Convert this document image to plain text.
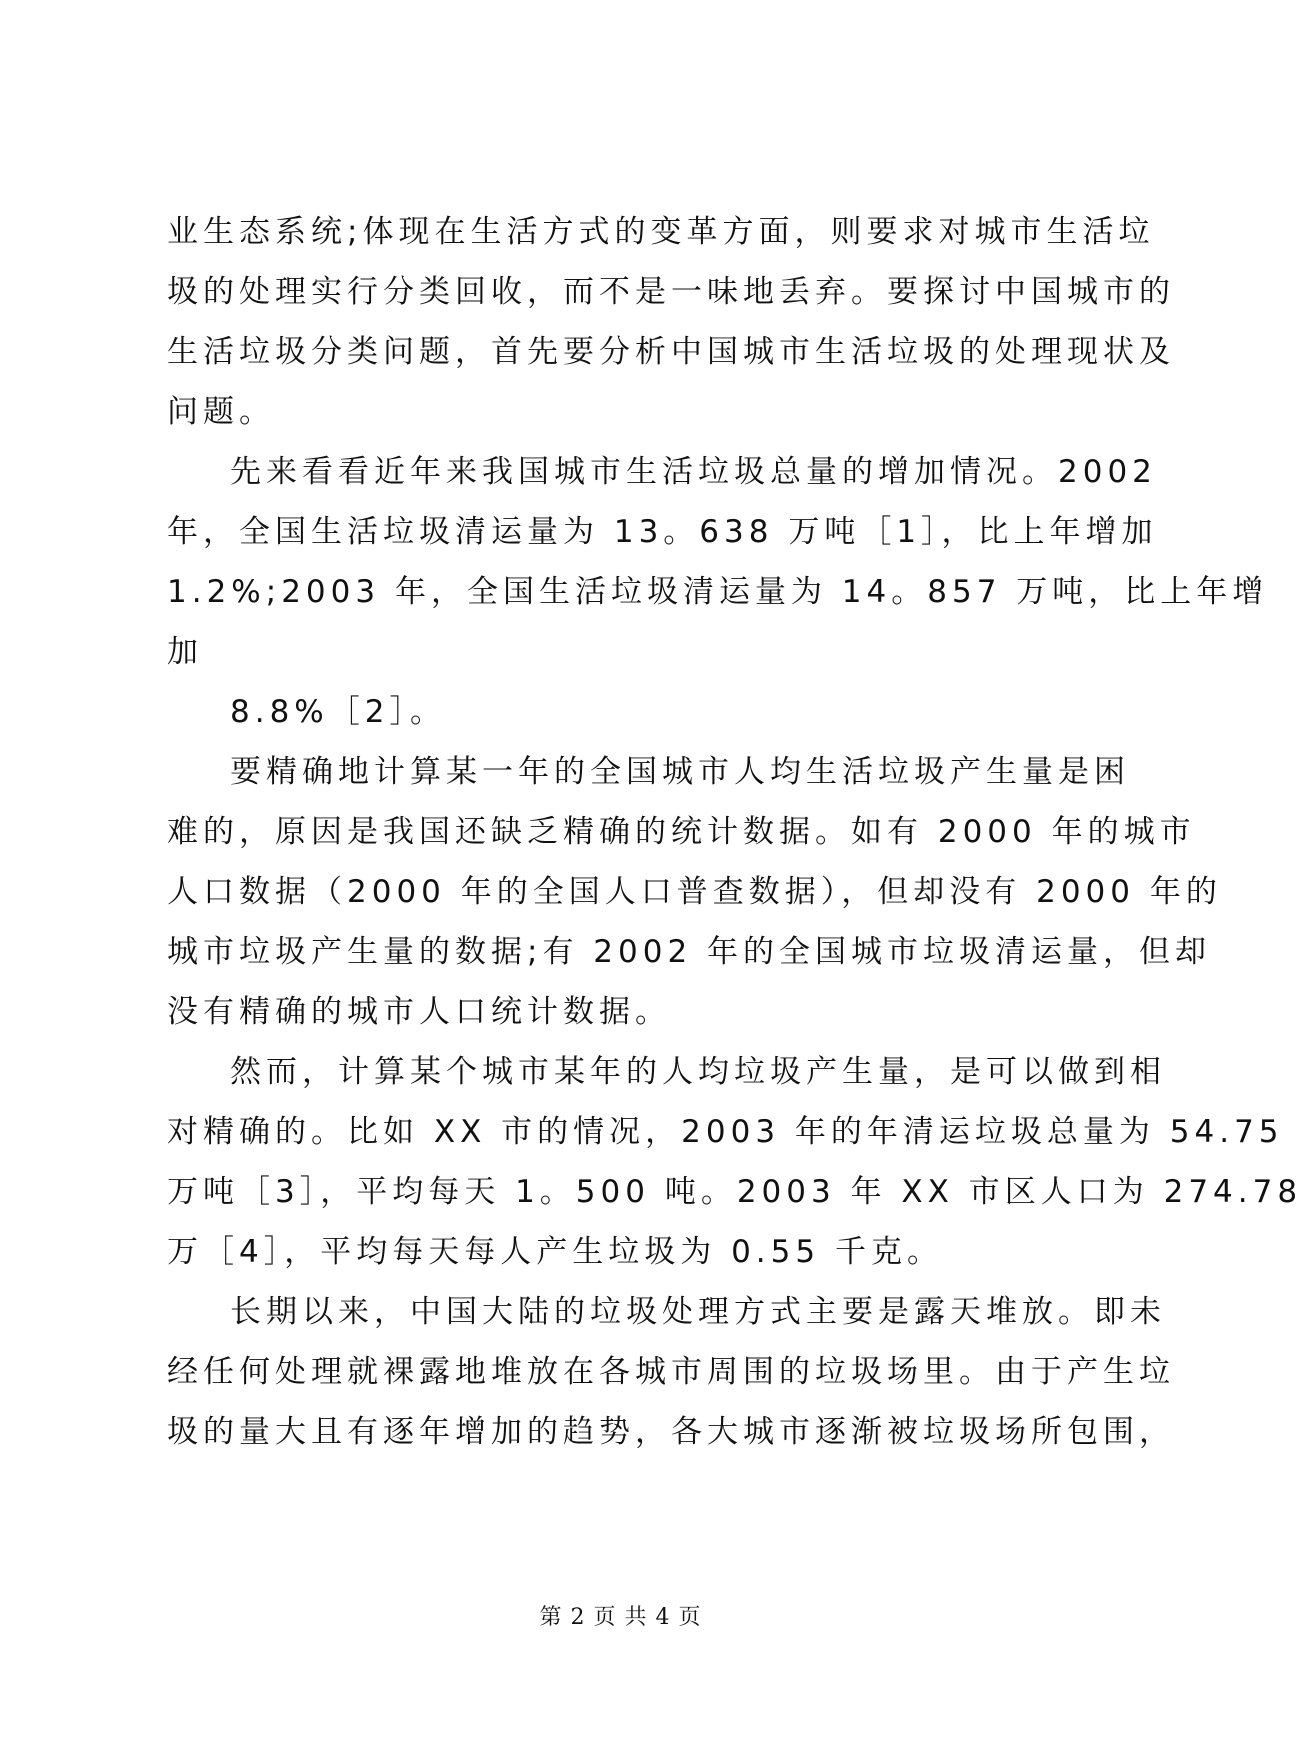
业生态系统;体现在生活方式的变革方面，则要求对城市生活垃
圾的处理实行分类回收，而不是一味地丢弃。要探讨中国城市的
生活垃圾分类问题，首先要分析中国城市生活垃圾的处理现状及
问题。
先来看看近年来我国城市生活垃圾总量的增加情况。2002
年，全国生活垃圾清运量为 13。638 万吨［1］，比上年增加
1.2%;2003 年，全国生活垃圾清运量为 14。857 万吨，比上年增
加
8.8%［2］。
要精确地计算某一年的全国城市人均生活垃圾产生量是困
难的，原因是我国还缺乏精确的统计数据。如有 2000 年的城市
人口数据（2000 年的全国人口普查数据），但却没有 2000 年的
城市垃圾产生量的数据;有 2002 年的全国城市垃圾清运量，但却
没有精确的城市人口统计数据。
然而，计算某个城市某年的人均垃圾产生量，是可以做到相
对精确的。比如 XX 市的情况，2003 年的年清运垃圾总量为 54.75
万吨［3］，平均每天 1。500 吨。2003 年 XX 市区人口为 274.78
万［4］，平均每天每人产生垃圾为 0.55 千克。
长期以来，中国大陆的垃圾处理方式主要是露天堆放。即未
经任何处理就裸露地堆放在各城市周围的垃圾场里。由于产生垃
圾的量大且有逐年增加的趋势，各大城市逐渐被垃圾场所包围，
第 2 页 共 4 页
